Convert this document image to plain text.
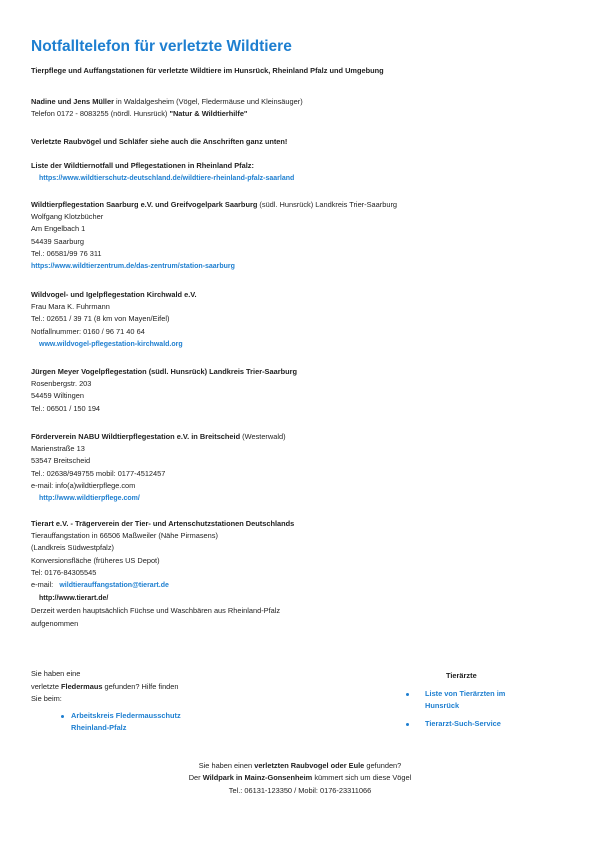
Notfalltelefon für verletzte Wildtiere
Tierpflege und Auffangstationen für verletzte Wildtiere im Hunsrück, Rheinland Pfalz und Umgebung
Nadine und Jens Müller in Waldalgesheim (Vögel, Fledermäuse und Kleinsäuger)
Telefon 0172 - 8083255 (nördl. Hunsrück) "Natur & Wildtierhilfe"
Verletzte Raubvögel und Schläfer siehe auch die Anschriften ganz unten!
Liste der Wildtiernotfall und Pflegestationen in Rheinland Pfalz:
https://www.wildtierschutz-deutschland.de/wildtiere-rheinland-pfalz-saarland
Wildtierpflegestation Saarburg e.V. und Greifvogelpark Saarburg (südl. Hunsrück) Landkreis Trier-Saarburg
Wolfgang Klotzbücher
Am Engelbach 1
54439 Saarburg
Tel.: 06581/99 76 311
https://www.wildtierzentrum.de/das-zentrum/station-saarburg
Wildvogel- und Igelpflegestation Kirchwald e.V.
Frau Mara K. Fuhrmann
Tel.: 02651 / 39 71 (8 km von Mayen/Eifel)
Notfallnummer: 0160 / 96 71 40 64
www.wildvogel-pflegestation-kirchwald.org
Jürgen Meyer Vogelpflegestation (südl. Hunsrück) Landkreis Trier-Saarburg
Rosenbergstr. 203
54459 Wiltingen
Tel.: 06501 / 150 194
Förderverein NABU Wildtierpflegestation e.V. in Breitscheid (Westerwald)
Marienstraße 13
53547 Breitscheid
Tel.: 02638/949755 mobil: 0177-4512457
e-mail: info(a)wildtierpflege.com
http://www.wildtierpflege.com/
Tierart e.V. - Trägerverein der Tier- und Artenschutzstationen Deutschlands
Tierauffangstation in 66506 Maßweiler (Nähe Pirmasens)
(Landkreis Südwestpfalz)
Konversionsfläche (früheres US Depot)
Tel: 0176-84305545
e-mail: wildtierauffangstation@tierart.de
http://www.tierart.de/
Derzeit werden hauptsächlich Füchse und Waschbären aus Rheinland-Pfalz
aufgenommen
Sie haben eine
verletzte Fledermaus gefunden? Hilfe finden
Sie beim:
Arbeitskreis Fledermausschutz
Rheinland-Pfalz
Tierärzte
Liste von Tierärzten im
Hunsrück
Tierarzt-Such-Service
Sie haben einen verletzten Raubvogel oder Eule gefunden?
Der Wildpark in Mainz-Gonsenheim kümmert sich um diese Vögel
Tel.: 06131-123350 / Mobil: 0176-23311066
